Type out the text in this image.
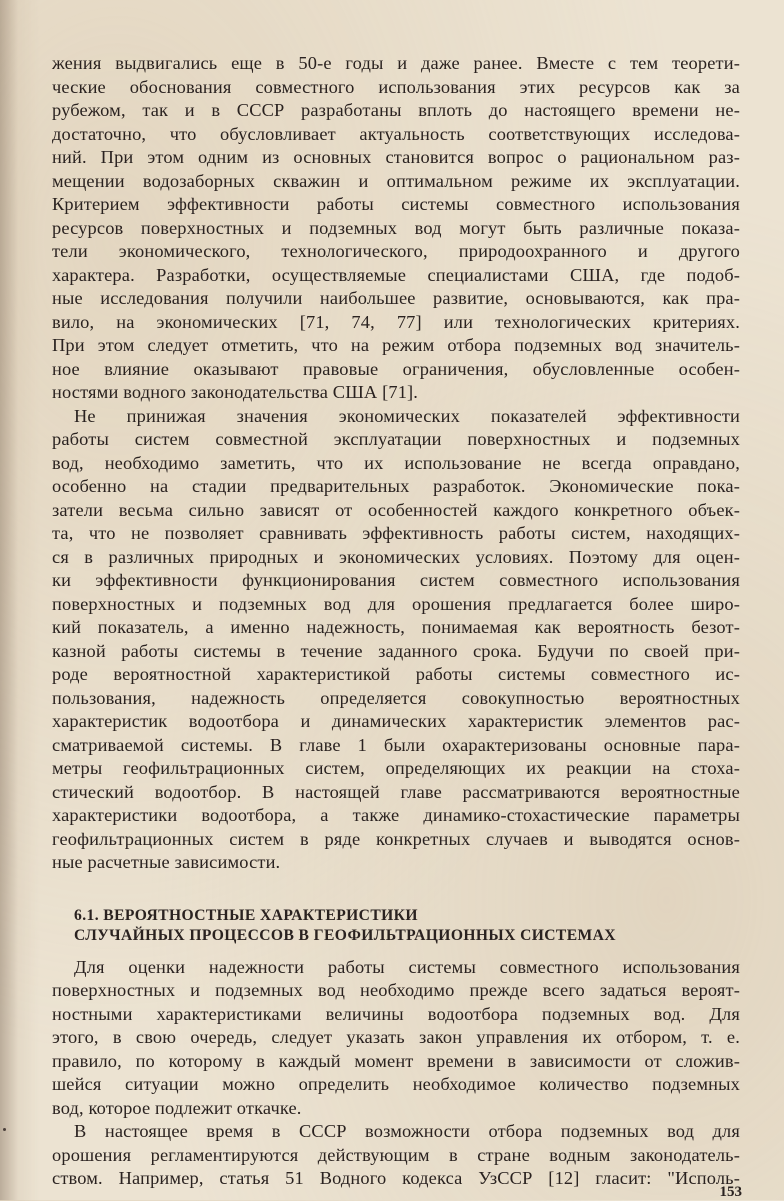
жения выдвигались еще в 50-е годы и даже ранее. Вместе с тем теорети-

ческие обоснования совместного использования этих ресурсов как за

рубежом, так и в СССР разработаны вплоть до настоящего времени не-

достаточно, что обусловливает актуальность соответствующих исследова-

ний. При этом одним из основных становится вопрос о рациональном раз-

мещении водозаборных скважин и оптимальном режиме их эксплуатации.

Критерием эффективности работы системы совместного использования

ресурсов поверхностных и подземных вод могут быть различные показа-

тели экономического, технологического, природоохранного и другого

характера. Разработки, осуществляемые специалистами США, где подоб-

ные исследования получили наибольшее развитие, основываются, как пра-

вило, на экономических [71, 74, 77] или технологических критериях.

При этом следует отметить, что на режим отбора подземных вод значитель-

ное влияние оказывают правовые ограничения, обусловленные особен-

ностями водного законодательства США [71].

Не принижая значения экономических показателей эффективности

работы систем совместной эксплуатации поверхностных и подземных

вод, необходимо заметить, что их использование не всегда оправдано,

особенно на стадии предварительных разработок. Экономические пока-

затели весьма сильно зависят от особенностей каждого конкретного объек-

та, что не позволяет сравнивать эффективность работы систем, находящих-

ся в различных природных и экономических условиях. Поэтому для оцен-

ки эффективности функционирования систем совместного использования

поверхностных и подземных вод для орошения предлагается более широ-

кий показатель, а именно надежность, понимаемая как вероятность безот-

казной работы системы в течение заданного срока. Будучи по своей при-

роде вероятностной характеристикой работы системы совместного ис-

пользования, надежность определяется совокупностью вероятностных

характеристик водоотбора и динамических характеристик элементов рас-

сматриваемой системы. В главе 1 были охарактеризованы основные пара-

метры геофильтрационных систем, определяющих их реакции на стоха-

стический водоотбор. В настоящей главе рассматриваются вероятностные

характеристики водоотбора, а также динамико-стохастические параметры

геофильтрационных систем в ряде конкретных случаев и выводятся основ-

ные расчетные зависимости.

6.1. ВЕРОЯТНОСТНЫЕ ХАРАКТЕРИСТИКИ
СЛУЧАЙНЫХ ПРОЦЕССОВ В ГЕОФИЛЬТРАЦИОННЫХ СИСТЕМАХ

Для оценки надежности работы системы совместного использования

поверхностных и подземных вод необходимо прежде всего задаться вероят-

ностными характеристиками величины водоотбора подземных вод. Для

этого, в свою очередь, следует указать закон управления их отбором, т. е.

правило, по которому в каждый момент времени в зависимости от сложив-

шейся ситуации можно определить необходимое количество подземных

вод, которое подлежит откачке.

В настоящее время в СССР возможности отбора подземных вод для

орошения регламентируются действующим в стране водным законодатель-

ством. Например, статья 51 Водного кодекса УзССР [12] гласит: "Исполь-

153
